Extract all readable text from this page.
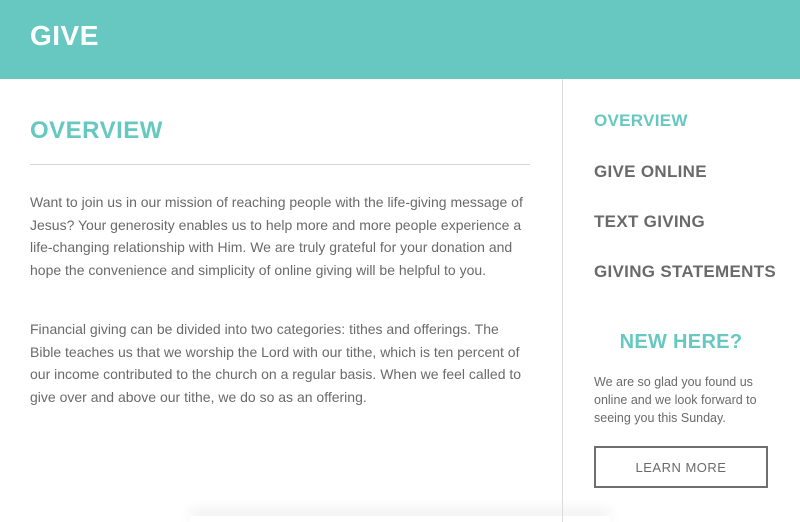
GIVE
OVERVIEW

Want to join us in our mission of reaching people with the life-giving message of Jesus? Your generosity enables us to help more and more people experience a life-changing relationship with Him. We are truly grateful for your donation and hope the convenience and simplicity of online giving will be helpful to you.

Financial giving can be divided into two categories: tithes and offerings. The Bible teaches us that we worship the Lord with our tithe, which is ten percent of our income contributed to the church on a regular basis. When we feel called to give over and above our tithe, we do so as an offering.

OVERVIEW
GIVE ONLINE
TEXT GIVING
GIVING STATEMENTS
NEW HERE?

We are so glad you found us online and we look forward to seeing you this Sunday.

LEARN MORE
